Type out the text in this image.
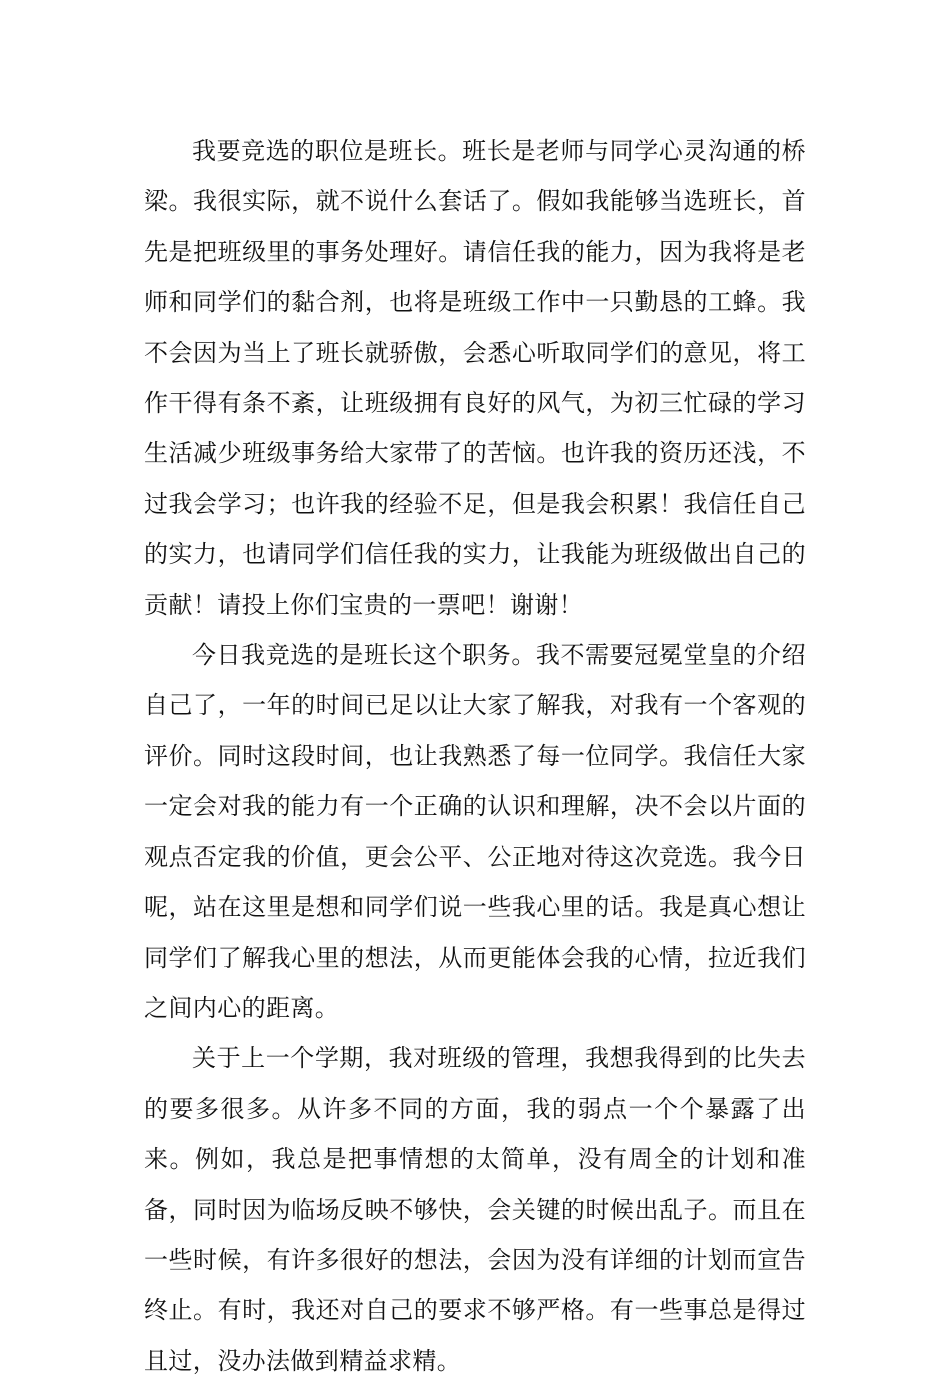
我要竞选的职位是班长。班长是老师与同学心灵沟通的桥梁。我很实际，就不说什么套话了。假如我能够当选班长，首先是把班级里的事务处理好。请信任我的能力，因为我将是老师和同学们的黏合剂，也将是班级工作中一只勤恳的工蜂。我不会因为当上了班长就骄傲，会悉心听取同学们的意见，将工作干得有条不紊，让班级拥有良好的风气，为初三忙碌的学习生活减少班级事务给大家带了的苦恼。也许我的资历还浅，不过我会学习；也许我的经验不足，但是我会积累！我信任自己的实力，也请同学们信任我的实力，让我能为班级做出自己的贡献！请投上你们宝贵的一票吧！谢谢！

今日我竞选的是班长这个职务。我不需要冠冕堂皇的介绍自己了，一年的时间已足以让大家了解我，对我有一个客观的评价。同时这段时间，也让我熟悉了每一位同学。我信任大家一定会对我的能力有一个正确的认识和理解，决不会以片面的观点否定我的价值，更会公平、公正地对待这次竞选。我今日呢，站在这里是想和同学们说一些我心里的话。我是真心想让同学们了解我心里的想法，从而更能体会我的心情，拉近我们之间内心的距离。

关于上一个学期，我对班级的管理，我想我得到的比失去的要多很多。从许多不同的方面，我的弱点一个个暴露了出来。例如，我总是把事情想的太简单，没有周全的计划和准备，同时因为临场反映不够快，会关键的时候出乱子。而且在一些时候，有许多很好的想法，会因为没有详细的计划而宣告终止。有时，我还对自己的要求不够严格。有一些事总是得过且过，没办法做到精益求精。
